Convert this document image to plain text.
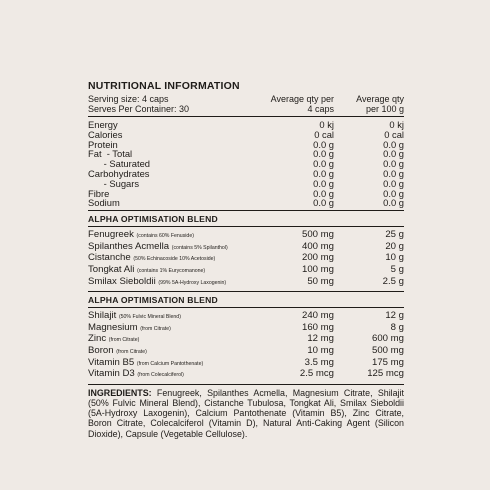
NUTRITIONAL INFORMATION
Serving size: 4 caps
Serves Per Container: 30
Average qty per
4 caps
Average qty
per 100 g
Energy	0 kj	0 kj
Calories	0 cal	0 cal
Protein	0.0 g	0.0 g
Fat  - Total	0.0 g	0.0 g
- Saturated	0.0 g	0.0 g
Carbohydrates	0.0 g	0.0 g
- Sugars	0.0 g	0.0 g
Fibre	0.0 g	0.0 g
Sodium	0.0 g	0.0 g
ALPHA OPTIMISATION BLEND
Fenugreek (contains 60% Fenuside)	500 mg	25 g
Spilanthes Acmella (contains 5% Spilanthol)	400 mg	20 g
Cistanche (50% Echinacoside 10% Acetoside)	200 mg	10 g
Tongkat Ali (contains 1% Eurycomanone)	100 mg	5 g
Smilax Sieboldii (99% 5A-Hydroxy Laxogenin)	50 mg	2.5 g
ALPHA OPTIMISATION BLEND
Shilajit (50% Fulvic Mineral Blend)	240 mg	12 g
Magnesium (from Citrate)	160 mg	8 g
Zinc (from Citrate)	12 mg	600 mg
Boron (from Citrate)	10 mg	500 mg
Vitamin B5 (from Calcium Pantothenate)	3.5 mg	175 mg
Vitamin D3 (from Colecalciferol)	2.5 mcg	125 mcg
INGREDIENTS: Fenugreek, Spilanthes Acmella, Magnesium Citrate, Shilajit (50% Fulvic Mineral Blend), Cistanche Tubulosa, Tongkat Ali, Smilax Sieboldii (5A-Hydroxy Laxogenin), Calcium Pantothenate (Vitamin B5), Zinc Citrate, Boron Citrate, Colecalciferol (Vitamin D), Natural Anti-Caking Agent (Silicon Dioxide), Capsule (Vegetable Cellulose).
